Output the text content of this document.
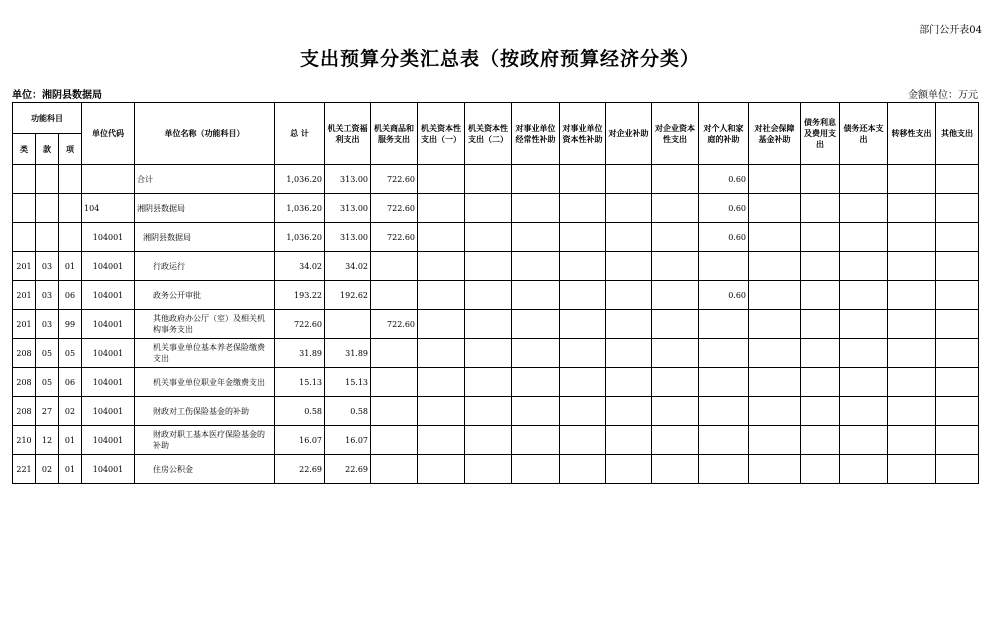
部门公开表04
支出预算分类汇总表（按政府预算经济分类）
单位：湘阴县数据局	金额单位：万元
功能科目			单位代码	单位名称（功能科目）	总 计	机关工资福利支出	机关商品和服务支出	机关资本性支出（一）	机关资本性支出（二）	对事业单位经常性补助	对事业单位资本性补助	对企业补助	对企业资本性支出	对个人和家庭的补助	对社会保障基金补助	债务利息及费用支出	债务还本支出	转移性支出	其他支出
类	款	项																	
				合计	1,036.20	313.00	722.60							0.60					
			104	湘阴县数据局	1,036.20	313.00	722.60							0.60					
			104001	湘阴县数据局	1,036.20	313.00	722.60							0.60					
201	03	01	104001	行政运行	34.02	34.02													
201	03	06	104001	政务公开审批	193.22	192.62								0.60					
201	03	99	104001	其他政府办公厅（室）及相关机构事务支出	722.60		722.60												
208	05	05	104001	机关事业单位基本养老保险缴费支出	31.89	31.89													
208	05	06	104001	机关事业单位职业年金缴费支出	15.13	15.13													
208	27	02	104001	财政对工伤保险基金的补助	0.58	0.58													
210	12	01	104001	财政对职工基本医疗保险基金的补助	16.07	16.07													
221	02	01	104001	住房公积金	22.69	22.69													
